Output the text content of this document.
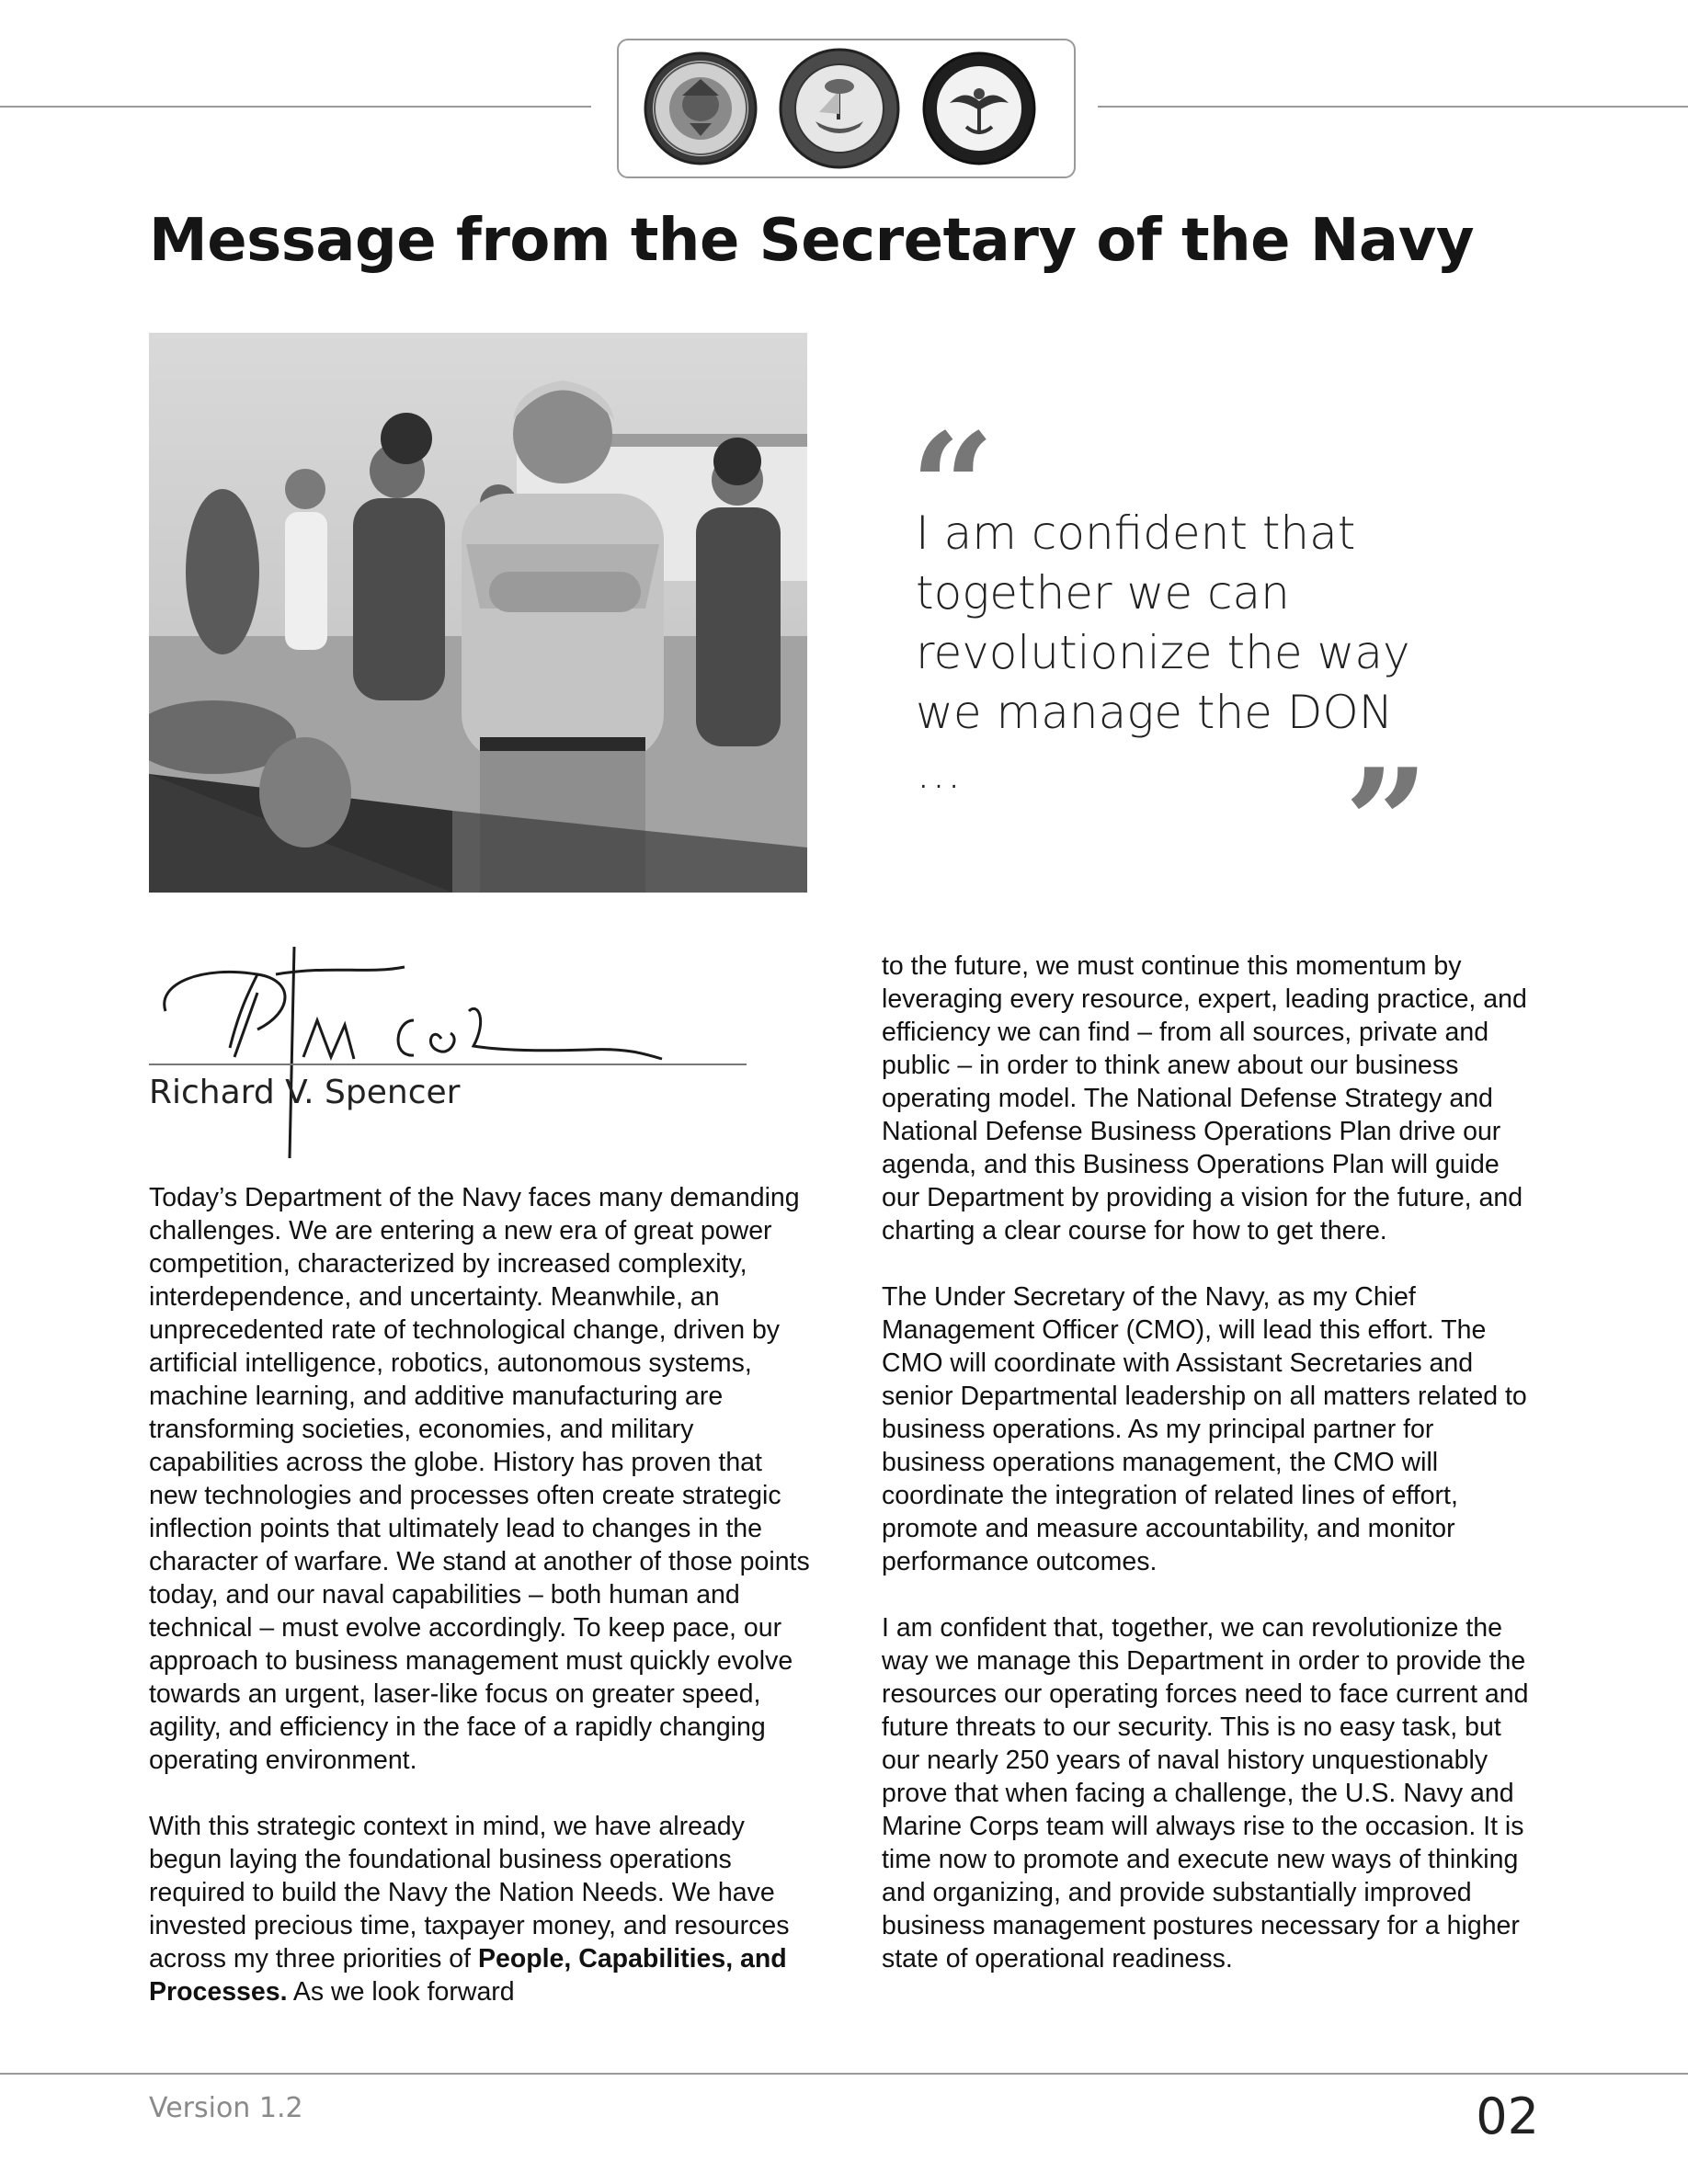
Message from the Secretary of the Navy
“
I am confident that together we can revolutionize the way we manage the DON …	”
Richard V. Spencer

Today’s Department of the Navy faces many demanding challenges. We are entering a new era of great power competition, characterized by increased complexity, interdependence, and uncertainty. Meanwhile, an unprecedented rate of technological change, driven by artificial intelligence, robotics, autonomous systems, machine learning, and additive manufacturing are transforming societies, economies, and military capabilities across the globe. History has proven that new technologies and processes often create strategic inflection points that ultimately lead to changes in the character of warfare. We stand at another of those points today, and our naval capabilities – both human and technical – must evolve accordingly. To keep pace, our approach to business management must quickly evolve towards an urgent, laser-like focus on greater speed, agility, and efficiency in the face of a rapidly changing operating environment.

With this strategic context in mind, we have already begun laying the foundational business operations required to build the Navy the Nation Needs. We have invested precious time, taxpayer money, and resources across my three priorities of People, Capabilities, and Processes. As we look forward

to the future, we must continue this momentum by leveraging every resource, expert, leading practice, and efficiency we can find – from all sources, private and public – in order to think anew about our business operating model. The National Defense Strategy and National Defense Business Operations Plan drive our agenda, and this Business Operations Plan will guide our Department by providing a vision for the future, and charting a clear course for how to get there.

The Under Secretary of the Navy, as my Chief Management Officer (CMO), will lead this effort. The CMO will coordinate with Assistant Secretaries and senior Departmental leadership on all matters related to business operations. As my principal partner for business operations management, the CMO will coordinate the integration of related lines of effort, promote and measure accountability, and monitor performance outcomes.

I am confident that, together, we can revolutionize the way we manage this Department in order to provide the resources our operating forces need to face current and future threats to our security. This is no easy task, but our nearly 250 years of naval history unquestionably prove that when facing a challenge, the U.S. Navy and Marine Corps team will always rise to the occasion. It is time now to promote and execute new ways of thinking and organizing, and provide substantially improved business management postures necessary for a higher state of operational readiness.

Version 1.2	02
